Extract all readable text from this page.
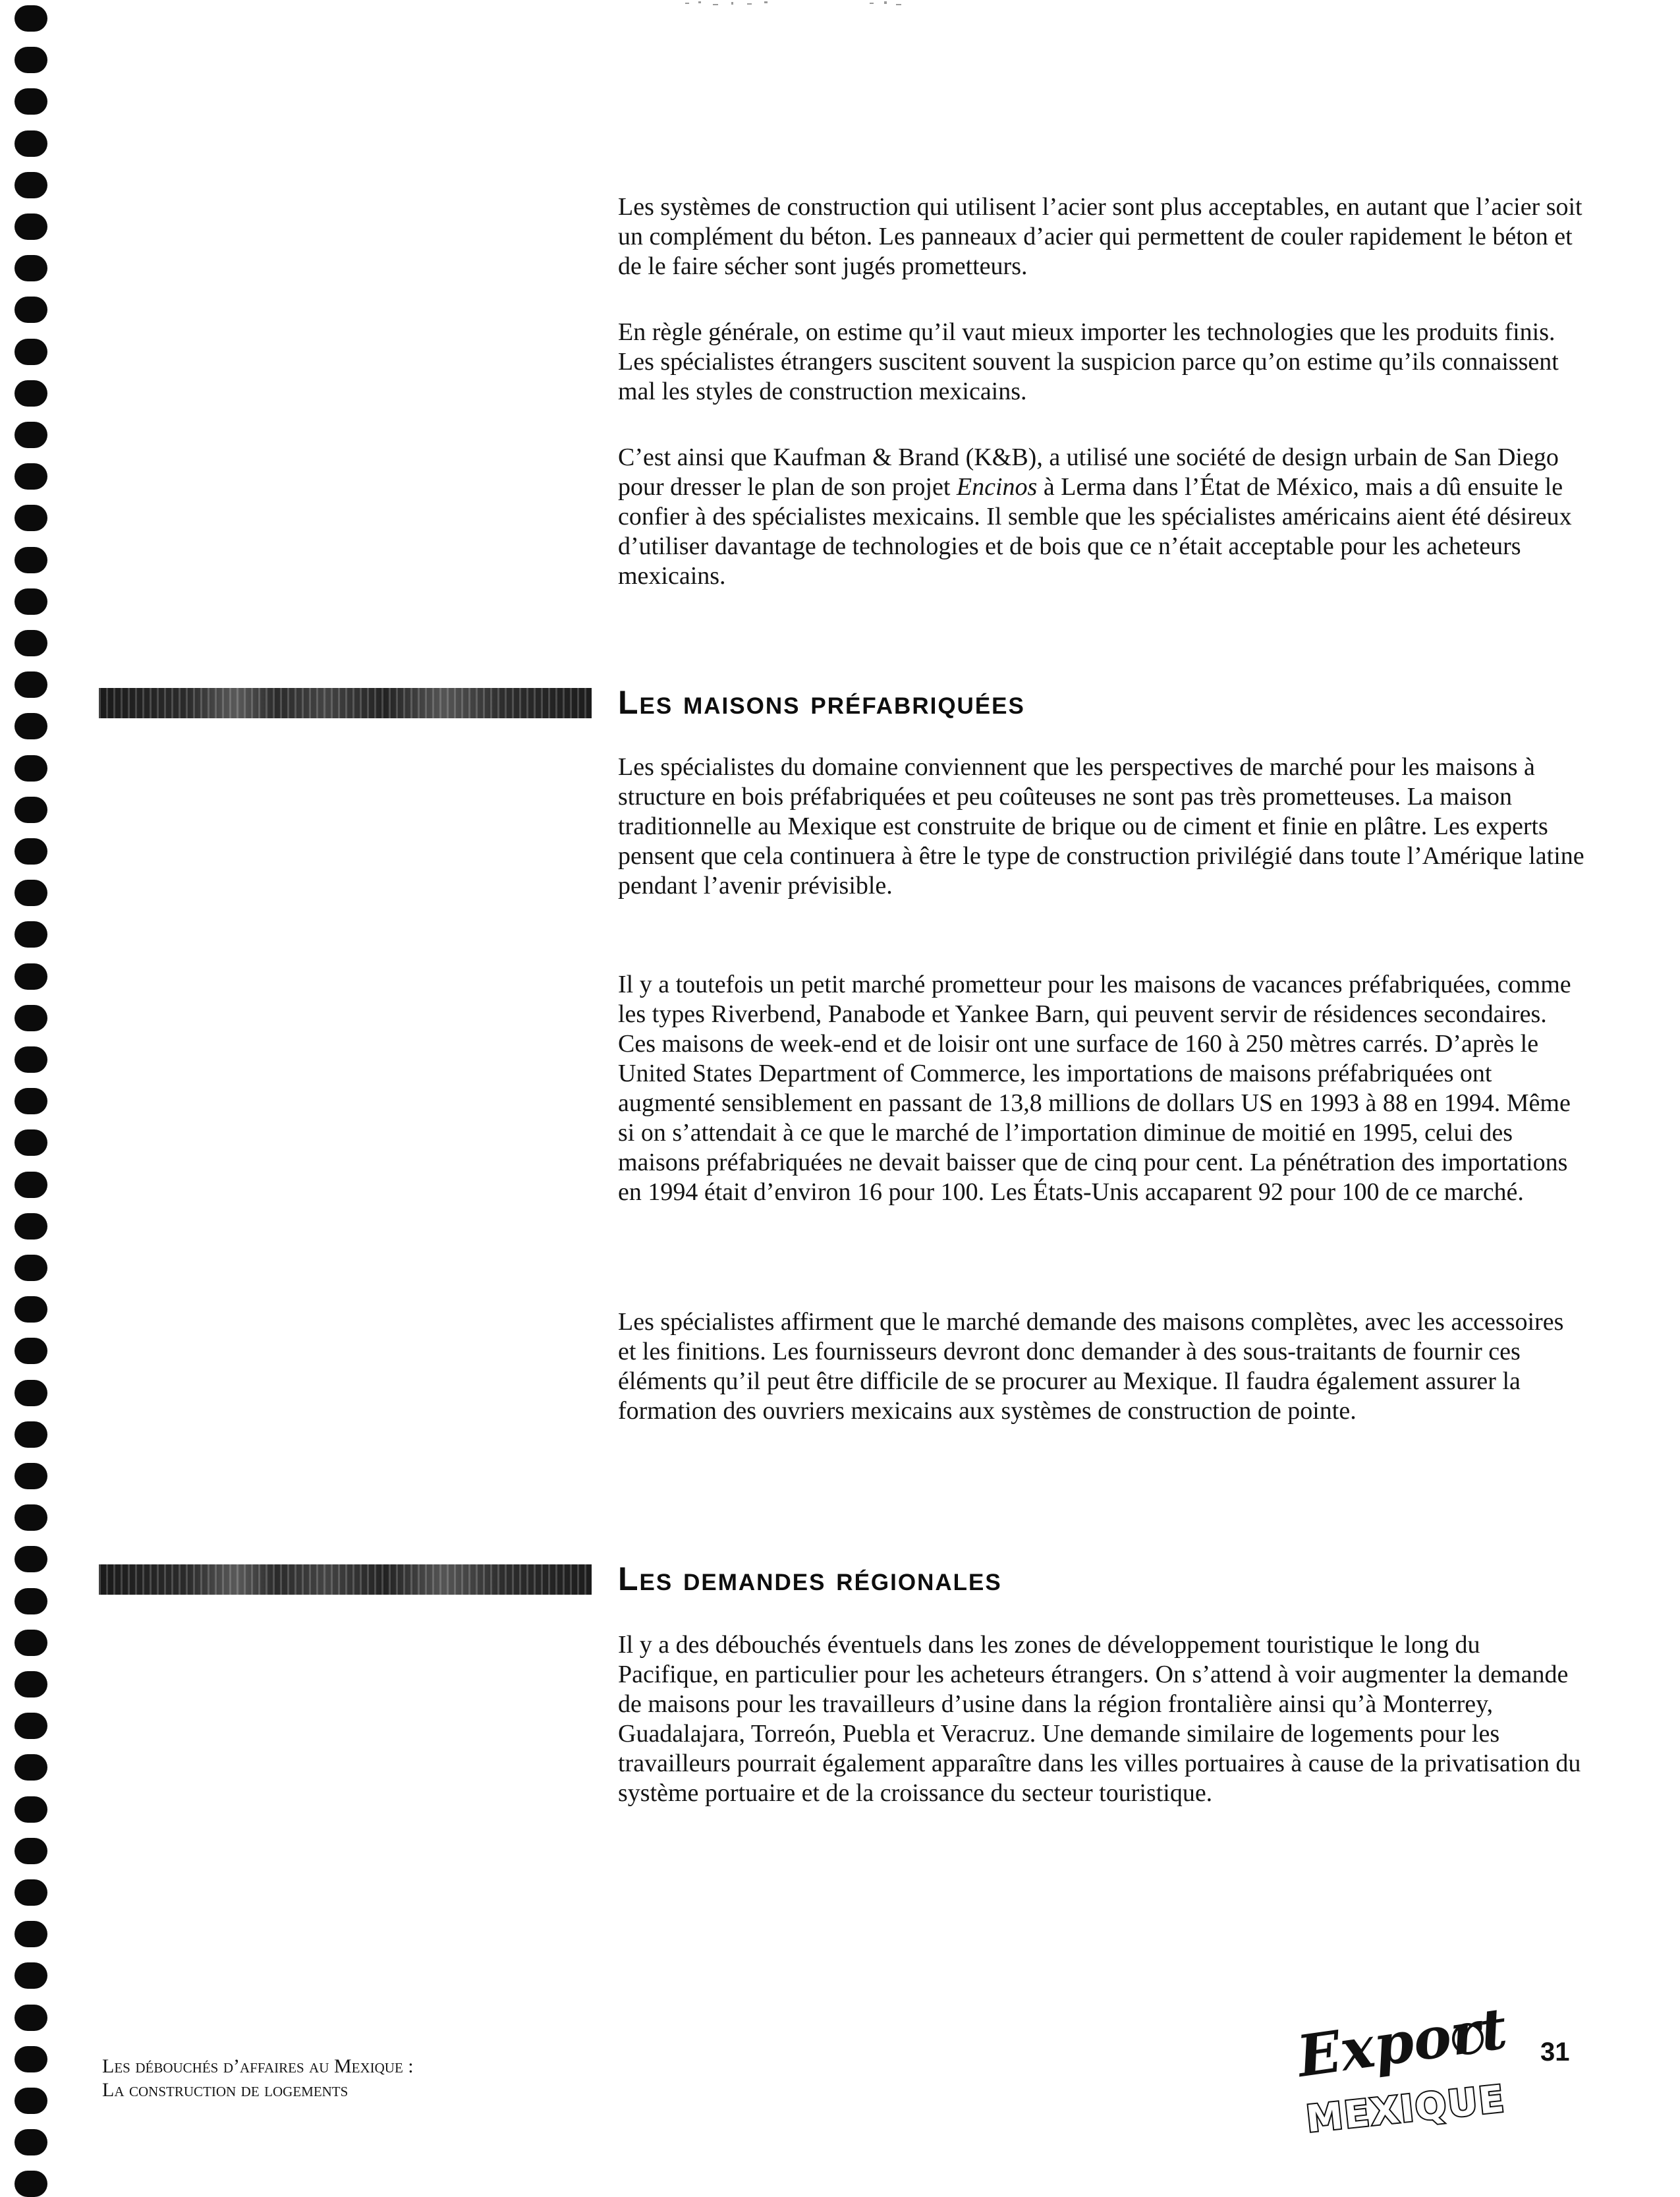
Les systèmes de construction qui utilisent l’acier sont plus acceptables, en autant que l’acier soit un complément du béton. Les panneaux d’acier qui permettent de couler rapidement le béton et de le faire sécher sont jugés prometteurs.

En règle générale, on estime qu’il vaut mieux importer les technologies que les produits finis. Les spécialistes étrangers suscitent souvent la suspicion parce qu’on estime qu’ils connaissent mal les styles de construction mexicains.

C’est ainsi que Kaufman & Brand (K&B), a utilisé une société de design urbain de San Diego pour dresser le plan de son projet Encinos à Lerma dans l’État de México, mais a dû ensuite le confier à des spécialistes mexicains. Il semble que les spécialistes américains aient été désireux d’utiliser davantage de technologies et de bois que ce n’était acceptable pour les acheteurs mexicains.

Les maisons préfabriquées

Les spécialistes du domaine conviennent que les perspectives de marché pour les maisons à structure en bois préfabriquées et peu coûteuses ne sont pas très prometteuses. La maison traditionnelle au Mexique est construite de brique ou de ciment et finie en plâtre. Les experts pensent que cela continuera à être le type de construction privilégié dans toute l’Amérique latine pendant l’avenir prévisible.

Il y a toutefois un petit marché prometteur pour les maisons de vacances préfabriquées, comme les types Riverbend, Panabode et Yankee Barn, qui peuvent servir de résidences secondaires. Ces maisons de week-end et de loisir ont une surface de 160 à 250 mètres carrés. D’après le United States Department of Commerce, les importations de maisons préfabriquées ont augmenté sensiblement en passant de 13,8 millions de dollars US en 1993 à 88 en 1994. Même si on s’attendait à ce que le marché de l’importation diminue de moitié en 1995, celui des maisons préfabriquées ne devait baisser que de cinq pour cent. La pénétration des importations en 1994 était d’environ 16 pour 100. Les États-Unis accaparent 92 pour 100 de ce marché.

Les spécialistes affirment que le marché demande des maisons complètes, avec les accessoires et les finitions. Les fournisseurs devront donc demander à des sous-traitants de fournir ces éléments qu’il peut être difficile de se procurer au Mexique. Il faudra également assurer la formation des ouvriers mexicains aux systèmes de construction de pointe.

Les demandes régionales

Il y a des débouchés éventuels dans les zones de développement touristique le long du Pacifique, en particulier pour les acheteurs étrangers. On s’attend à voir augmenter la demande de maisons pour les travailleurs d’usine dans la région frontalière ainsi qu’à Monterrey, Guadalajara, Torreón, Puebla et Veracruz. Une demande similaire de logements pour les travailleurs pourrait également apparaître dans les villes portuaires à cause de la privatisation du système portuaire et de la croissance du secteur touristique.

Les débouchés d’affaires au Mexique :
La construction de logements	Export
MEXIQUE
31
